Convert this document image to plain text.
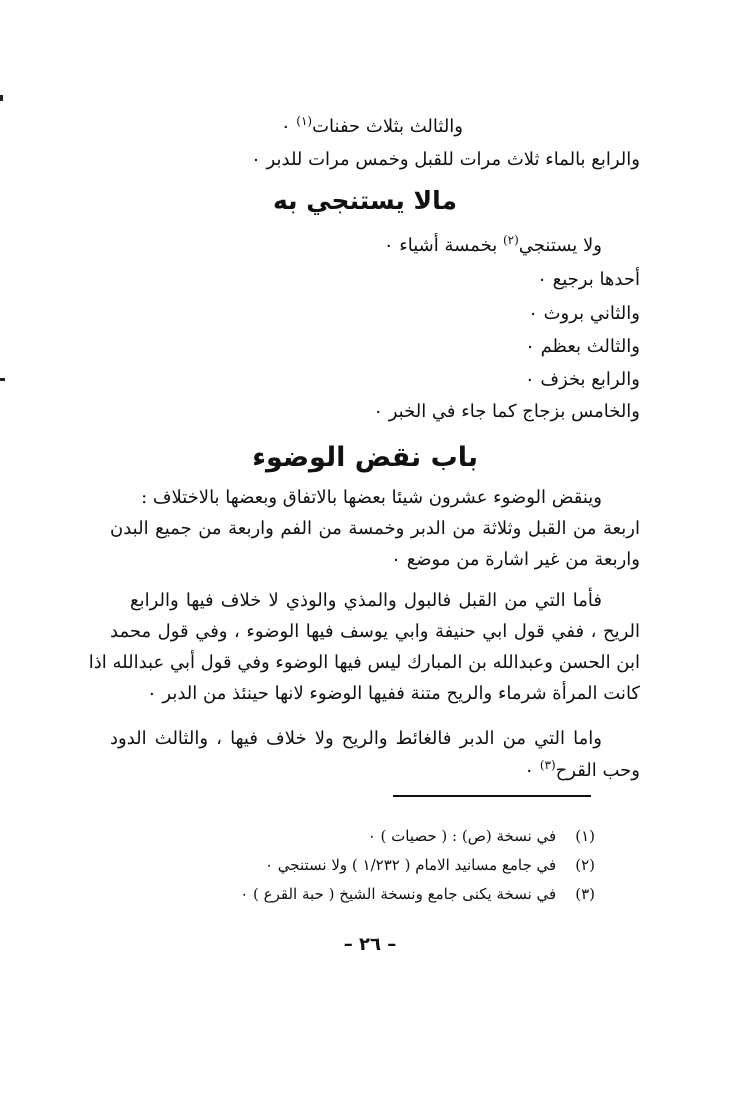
والثالث بثلاث حفنات$^{(١)}$ ٠
والرابع بالماء ثلاث مرات للقبل وخمس مرات للدبر ٠
مالا يستنجي به
ولا يستنجي$^{(٢)}$ بخمسة أشياء ٠
أحدها برجيع ٠
والثاني بروث ٠
والثالث بعظم ٠
والرابع بخزف ٠
والخامس بزجاج كما جاء في الخبر ٠
باب نقض الوضوء
وينقض الوضوء عشرون شيئا بعضها بالاتفاق وبعضها بالاختلاف :
اربعة من القبل وثلاثة من الدبر وخمسة من الفم واربعة من جميع البدن
واربعة من غير اشارة من موضع ٠
فأما التي من القبل فالبول والمذي والوذي لا خلاف فيها والرابع
الريح ، ففي قول ابي حنيفة وابي يوسف فيها الوضوء ، وفي قول محمد
ابن الحسن وعبدالله بن المبارك ليس فيها الوضوء وفي قول أبي عبدالله اذا
كانت المرأة شرماء والريح متنة ففيها الوضوء لانها حينئذ من الدبر ٠
واما التي من الدبر فالغائط والريح ولا خلاف فيها ، والثالث الدود
وحب القرح$^{(٣)}$ ٠
(١) في نسخة (ص) : ( حصيات ) ٠
(٢) في جامع مسانيد الامام ( ١/٢٣٢ ) ولا نستنجي ٠
(٣) في نسخة يكنى جامع ونسخة الشيخ ( حبة القرع ) ٠
– ٢٦ –
